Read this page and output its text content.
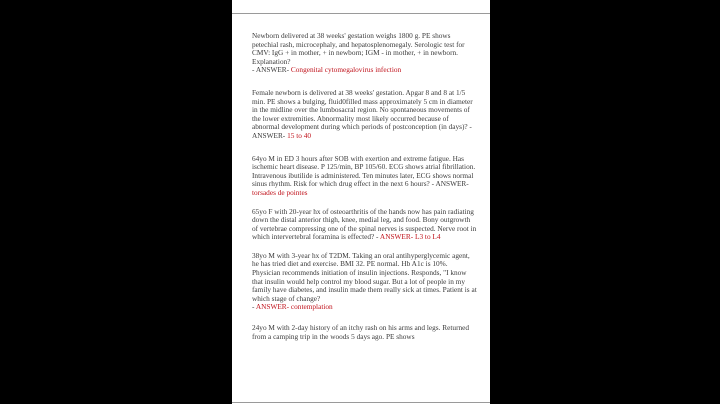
Newborn delivered at 38 weeks' gestation weighs 1800 g. PE shows petechial rash, microcephaly, and hepatosplenomegaly. Serologic test for CMV: IgG + in mother, + in newborn; IGM - in mother, + in newborn. Explanation?

- ANSWER- Congenital cytomegalovirus infection

Female newborn is delivered at 38 weeks' gestation. Apgar 8 and 8 at 1/5 min. PE shows a bulging, fluid0filled mass approximately 5 cm in diameter in the midline over the lumbosacral region. No spontaneous movements of the lower extremities. Abnormality most likely occurred because of abnormal development during which periods of postconception (in days)? - ANSWER- 15 to 40

64yo M in ED 3 hours after SOB with exertion and extreme fatigue. Has ischemic heart disease. P 125/min, BP 105/60. ECG shows atrial fibrillation. Intravenous ibutilide is administered. Ten minutes later, ECG shows normal sinus rhythm. Risk for which drug effect in the next 6 hours? - ANSWER- torsades de pointes

65yo F with 20-year hx of osteoarthritis of the hands now has pain radiating down the distal anterior thigh, knee, medial leg, and food. Bony outgrowth of vertebrae compressing one of the spinal nerves is suspected. Nerve root in which intervertebral foramina is effected? - ANSWER- L3 to L4

38yo M with 3-year hx of T2DM. Taking an oral antihyperglycemic agent, he has tried diet and exercise. BMI 32. PE normal. Hb A1c is 10%. Physician recommends initiation of insulin injections. Responds, "I know that insulin would help control my blood sugar. But a lot of people in my family have diabetes, and insulin made them really sick at times. Patient is at which stage of change?

- ANSWER- contemplation

24yo M with 2-day history of an itchy rash on his arms and legs. Returned from a camping trip in the woods 5 days ago. PE shows
